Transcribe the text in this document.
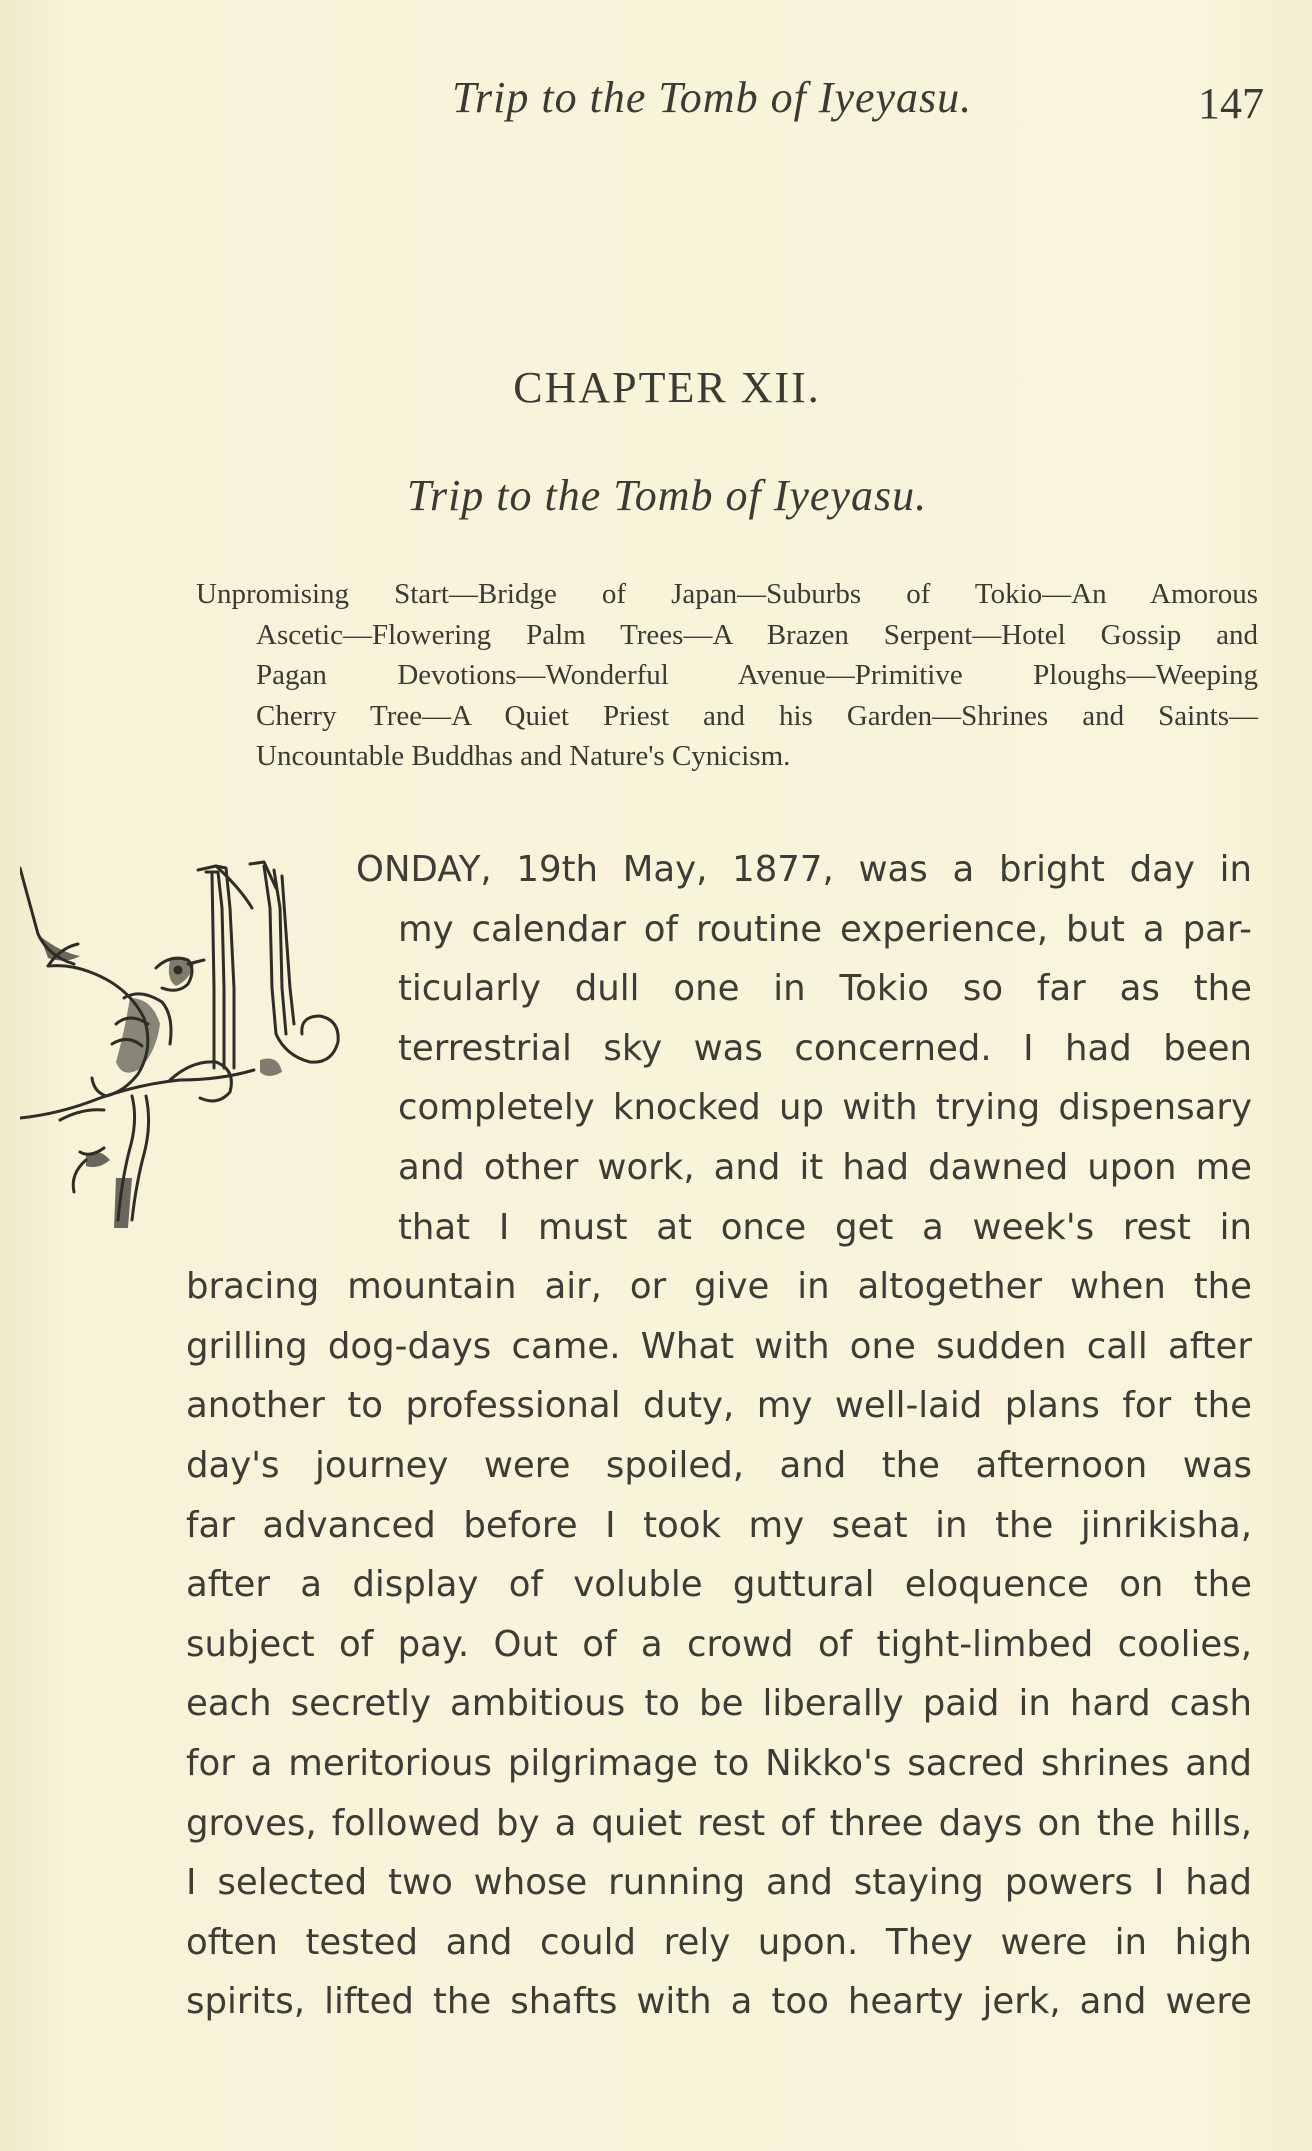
Trip to the Tomb of Iyeyasu.	147
CHAPTER XII.
Trip to the Tomb of Iyeyasu.
Unpromising Start—Bridge of Japan—Suburbs of Tokio—An Amorous
Ascetic—Flowering Palm Trees—A Brazen Serpent—Hotel Gossip and
Pagan Devotions—Wonderful Avenue—Primitive Ploughs—Weeping
Cherry Tree—A Quiet Priest and his Garden—Shrines and Saints—
Uncountable Buddhas and Nature's Cynicism.
ONDAY, 19th May, 1877, was a bright day in
my calendar of routine experience, but a par-
ticularly dull one in Tokio so far as the
terrestrial sky was concerned. I had been
completely knocked up with trying dispensary
and other work, and it had dawned upon me
that I must at once get a week's rest in
bracing mountain air, or give in altogether when the
grilling dog-days came. What with one sudden call after
another to professional duty, my well-laid plans for the
day's journey were spoiled, and the afternoon was
far advanced before I took my seat in the jinrikisha,
after a display of voluble guttural eloquence on the
subject of pay. Out of a crowd of tight-limbed coolies,
each secretly ambitious to be liberally paid in hard cash
for a meritorious pilgrimage to Nikko's sacred shrines and
groves, followed by a quiet rest of three days on the hills,
I selected two whose running and staying powers I had
often tested and could rely upon. They were in high
spirits, lifted the shafts with a too hearty jerk, and were
